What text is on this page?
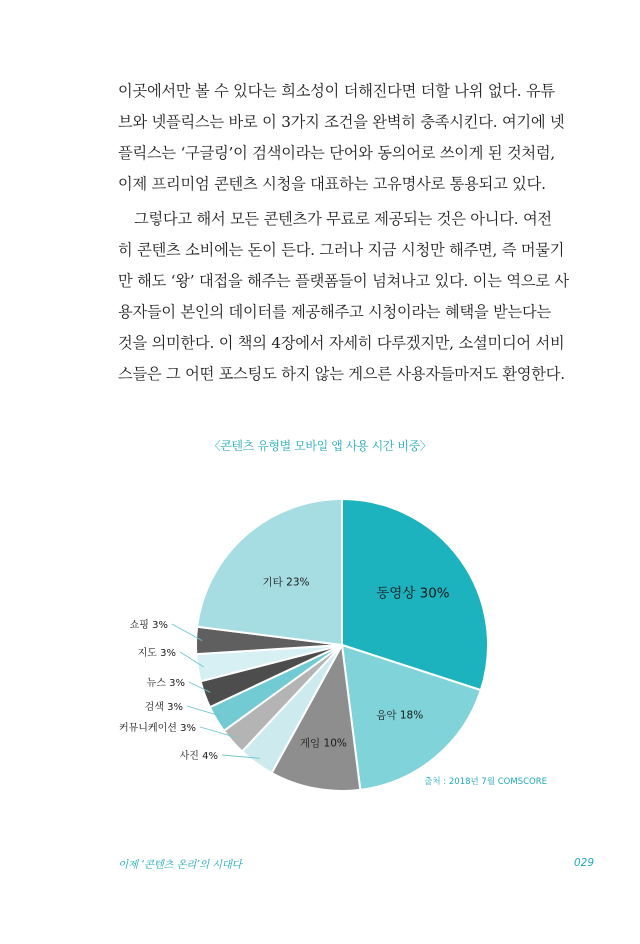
이곳에서만 볼 수 있다는 희소성이 더해진다면 더할 나위 없다. 유튜
브와 넷플릭스는 바로 이 3가지 조건을 완벽히 충족시킨다. 여기에 넷
플릭스는 ‘구글링’이 검색이라는 단어와 동의어로 쓰이게 된 것처럼,
이제 프리미엄 콘텐츠 시청을 대표하는 고유명사로 통용되고 있다.
그렇다고 해서 모든 콘텐츠가 무료로 제공되는 것은 아니다. 여전
히 콘텐츠 소비에는 돈이 든다. 그러나 지금 시청만 해주면, 즉 머물기
만 해도 ‘왕’ 대접을 해주는 플랫폼들이 넘쳐나고 있다. 이는 역으로 사
용자들이 본인의 데이터를 제공해주고 시청이라는 혜택을 받는다는
것을 의미한다. 이 책의 4장에서 자세히 다루겠지만, 소셜미디어 서비
스들은 그 어떤 포스팅도 하지 않는 게으른 사용자들마저도 환영한다.
〈콘텐츠 유형별 모바일 앱 사용 시간 비중〉
동영상 30%
음악 18%
게임 10%
사진 4%
커뮤니케이션 3%
검색 3%
뉴스 3%
지도 3%
쇼핑 3%
기타 23%
출처 : 2018년 7월 COMSCORE
이제 ‘콘텐츠 온리’의 시대다	029
